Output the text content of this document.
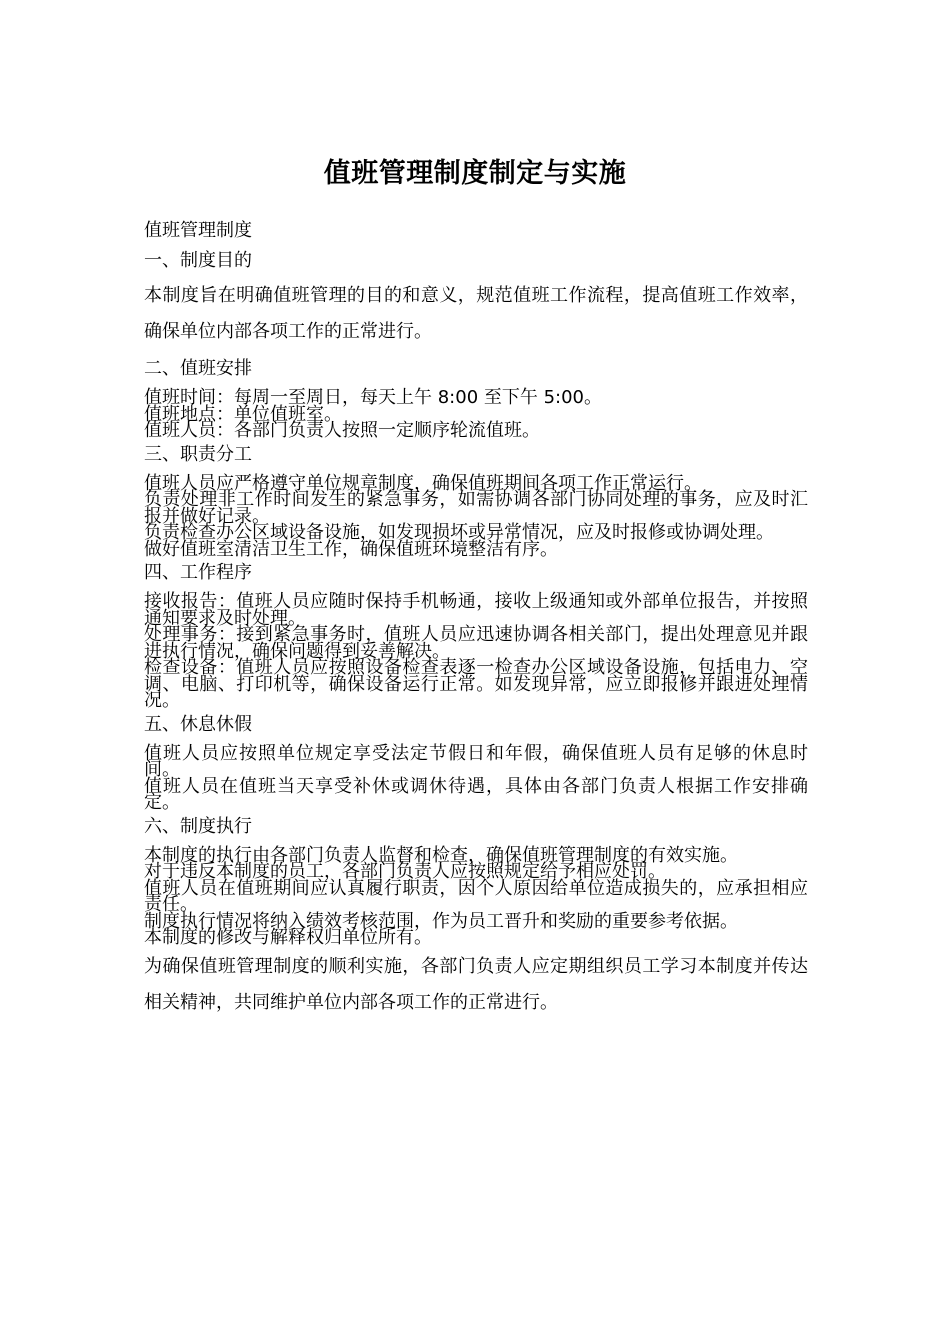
值班管理制度制定与实施

值班管理制度

一、制度目的

本制度旨在明确值班管理的目的和意义，规范值班工作流程，提高值班工作效率，确保单位内部各项工作的正常进行。

二、值班安排

值班时间：每周一至周日，每天上午 8:00 至下午 5:00。

值班地点：单位值班室。

值班人员：各部门负责人按照一定顺序轮流值班。

三、职责分工

值班人员应严格遵守单位规章制度，确保值班期间各项工作正常运行。

负责处理非工作时间发生的紧急事务，如需协调各部门协同处理的事务，应及时汇报并做好记录。

负责检查办公区域设备设施，如发现损坏或异常情况，应及时报修或协调处理。

做好值班室清洁卫生工作，确保值班环境整洁有序。

四、工作程序

接收报告：值班人员应随时保持手机畅通，接收上级通知或外部单位报告，并按照通知要求及时处理。

处理事务：接到紧急事务时，值班人员应迅速协调各相关部门，提出处理意见并跟进执行情况，确保问题得到妥善解决。

检查设备：值班人员应按照设备检查表逐一检查办公区域设备设施，包括电力、空调、电脑、打印机等，确保设备运行正常。如发现异常，应立即报修并跟进处理情况。

五、休息休假

值班人员应按照单位规定享受法定节假日和年假，确保值班人员有足够的休息时间。

值班人员在值班当天享受补休或调休待遇，具体由各部门负责人根据工作安排确定。

六、制度执行

本制度的执行由各部门负责人监督和检查，确保值班管理制度的有效实施。

对于违反本制度的员工，各部门负责人应按照规定给予相应处罚。

值班人员在值班期间应认真履行职责，因个人原因给单位造成损失的，应承担相应责任。

制度执行情况将纳入绩效考核范围，作为员工晋升和奖励的重要参考依据。

本制度的修改与解释权归单位所有。

为确保值班管理制度的顺利实施，各部门负责人应定期组织员工学习本制度并传达相关精神，共同维护单位内部各项工作的正常进行。
